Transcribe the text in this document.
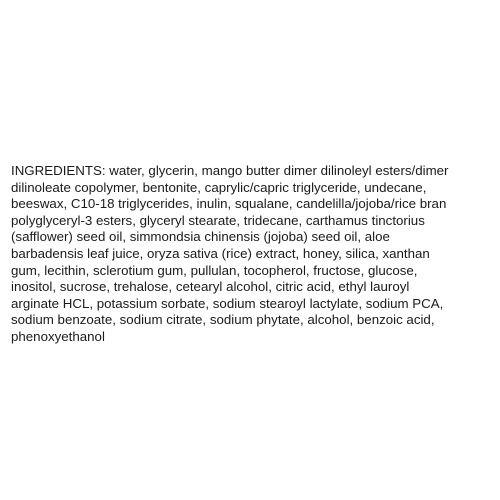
INGREDIENTS: water, glycerin, mango butter dimer dilinoleyl esters/dimer
dilinoleate copolymer, bentonite, caprylic/capric triglyceride, undecane,
beeswax, C10-18 triglycerides, inulin, squalane, candelilla/jojoba/rice bran
polyglyceryl-3 esters, glyceryl stearate, tridecane, carthamus tinctorius
(safflower) seed oil, simmondsia chinensis (jojoba) seed oil, aloe
barbadensis leaf juice, oryza sativa (rice) extract, honey, silica, xanthan
gum, lecithin, sclerotium gum, pullulan, tocopherol, fructose, glucose,
inositol, sucrose, trehalose, cetearyl alcohol, citric acid, ethyl lauroyl
arginate HCL, potassium sorbate, sodium stearoyl lactylate, sodium PCA,
sodium benzoate, sodium citrate, sodium phytate, alcohol, benzoic acid,
phenoxyethanol
